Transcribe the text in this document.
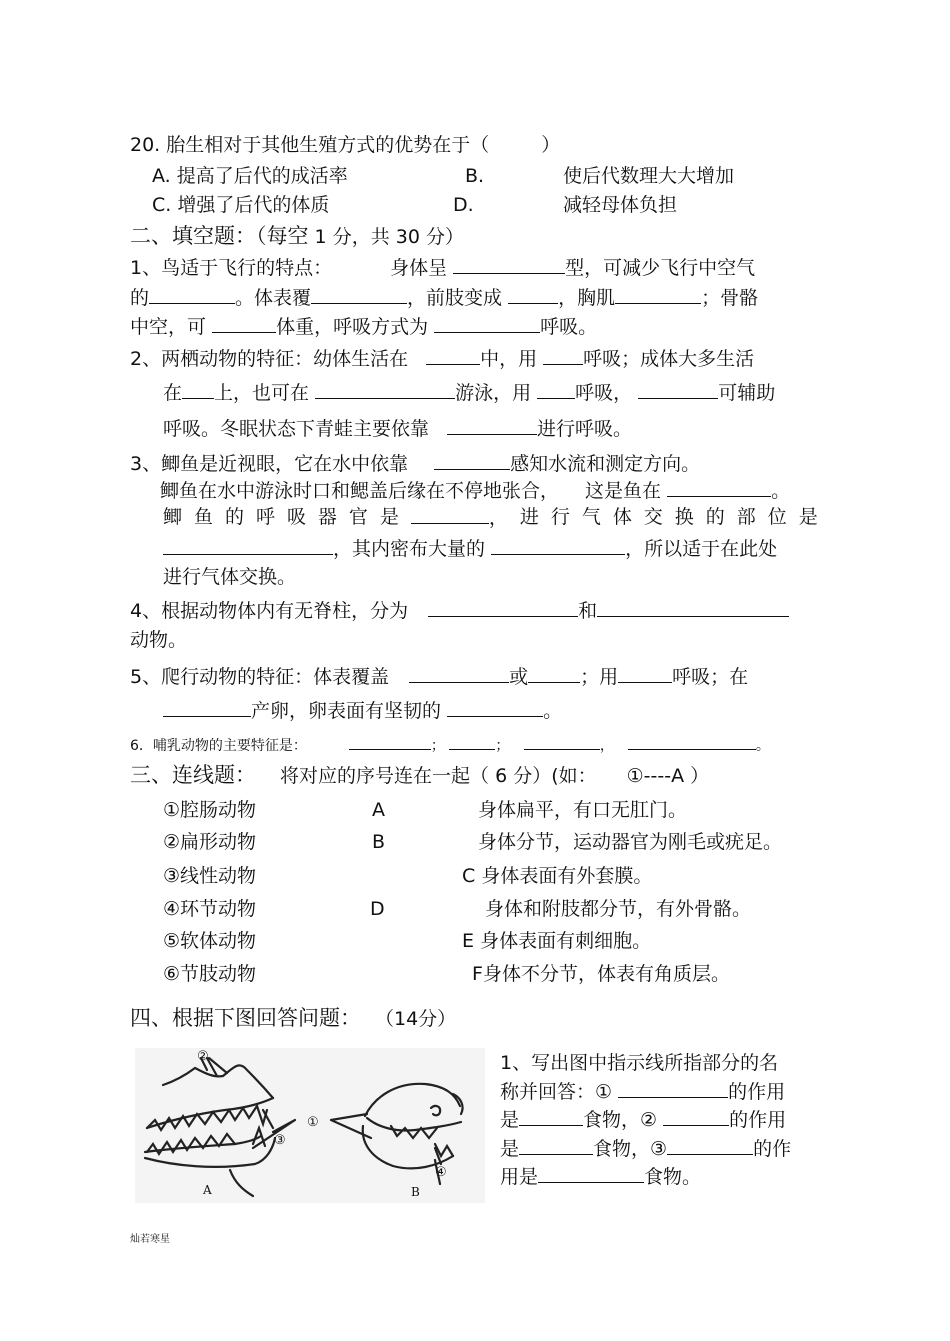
20. 胎生相对于其他生殖方式的优势在于（	）
A. 提高了后代的成活率	B.	使后代数理大大增加
C. 增强了后代的体质	D.	减轻母体负担
二、填空题：（每空 1 分，共 30 分）
1、鸟适于飞行的特点：	身体呈	型，可减少飞行中空气
的	。体表覆	，前肢变成	，胸肌	；骨骼
中空，可	体重，呼吸方式为	呼吸。
2、两栖动物的特征：幼体生活在	中，用 呼吸；成体大多生活
在 上，也可在	游泳，用 呼吸，	可辅助
呼吸。冬眠状态下青蛙主要依靠	进行呼吸。
3、鲫鱼是近视眼，它在水中依靠	感知水流和测定方向。
鲫鱼在水中游泳时口和鳃盖后缘在不停地张合， 这是鱼在	。
鲫 鱼 的 呼 吸 器 官 是	， 进 行 气 体 交 换 的 部 位 是
，其内密布大量的	，所以适于在此处
进行气体交换。
4、根据动物体内有无脊柱，分为	和
动物。
5、爬行动物的特征：体表覆盖	或	；用	呼吸；在
产卵，卵表面有坚韧的	。
6．哺乳动物的主要特征是：	；	；	，	。
三、连线题： 将对应的序号连在一起（ 6 分）(如： ①----A ）
①腔肠动物	A	身体扁平，有口无肛门。
②扁形动物	B	身体分节，运动器官为刚毛或疣足。
③线性动物	C 身体表面有外套膜。
④环节动物	D	身体和附肢都分节，有外骨骼。
⑤软体动物	E 身体表面有刺细胞。
⑥节肢动物	F身体不分节，体表有角质层。
四、根据下图回答问题： （14分）
②
③
①
④
A	B
1、写出图中指示线所指部分的名
称并回答：①	的作用
是	食物，②	的作用
是	食物，③	的作
用是	食物。
灿若寒星
